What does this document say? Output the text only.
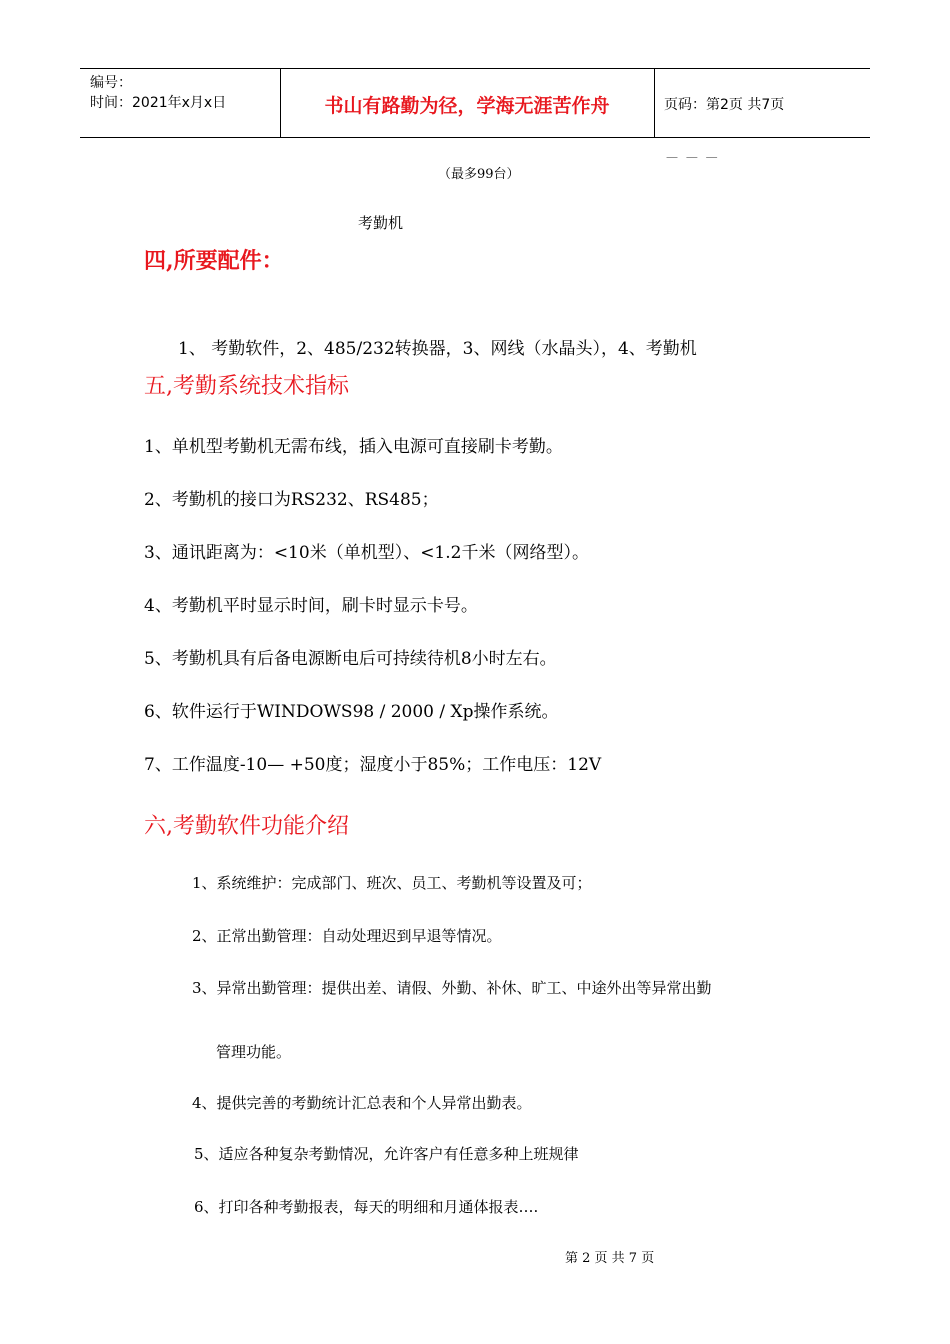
编号：
时间：2021年x月x日	书山有路勤为径，学海无涯苦作舟	页码：第2页 共7页
— — —
（最多99台）
考勤机
四,所要配件：
1、 考勤软件，2、485/232转换器，3、网线（水晶头），4、考勤机
五,考勤系统技术指标
1、单机型考勤机无需布线，插入电源可直接刷卡考勤。
2、考勤机的接口为RS232、RS485；
3、通讯距离为：<10米（单机型）、<1.2千米（网络型）。
4、考勤机平时显示时间，刷卡时显示卡号。
5、考勤机具有后备电源断电后可持续待机8小时左右。
6、软件运行于WINDOWS98 / 2000 / Xp操作系统。
7、工作温度-10— +50度；湿度小于85%；工作电压：12V
六,考勤软件功能介绍
1、系统维护：完成部门、班次、员工、考勤机等设置及可；
2、正常出勤管理：自动处理迟到早退等情况。
3、异常出勤管理：提供出差、请假、外勤、补休、旷工、中途外出等异常出勤
管理功能。
4、提供完善的考勤统计汇总表和个人异常出勤表。
5、适应各种复杂考勤情况，允许客户有任意多种上班规律
6、打印各种考勤报表，每天的明细和月通体报表….
第 2 页 共 7 页
